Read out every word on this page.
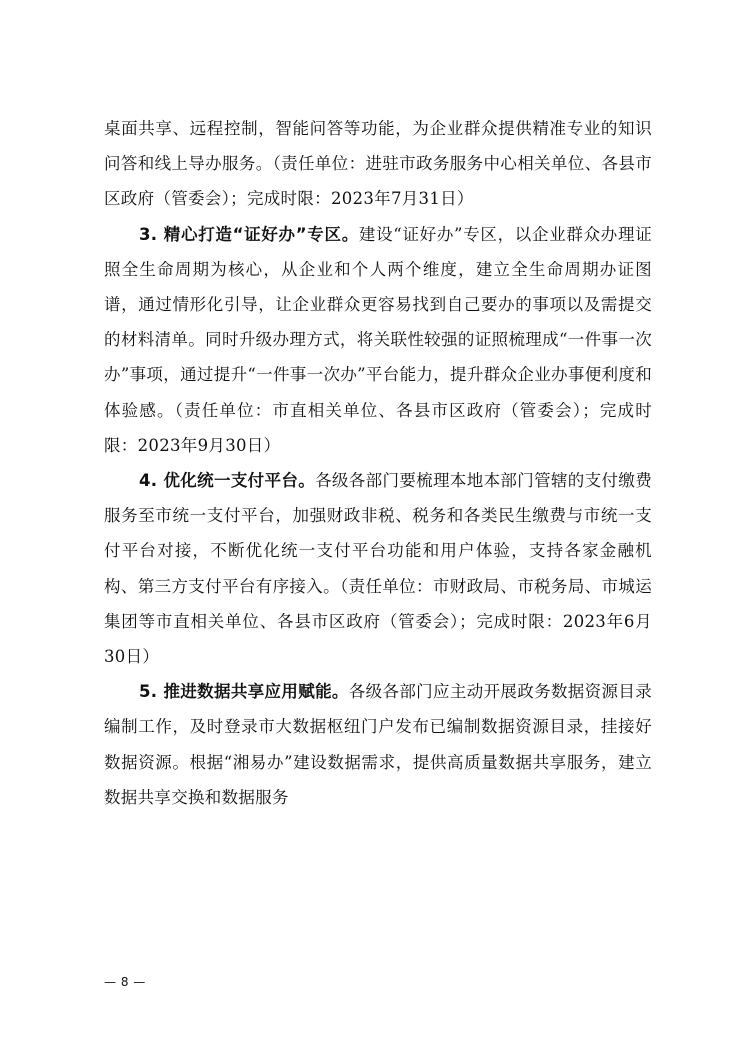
桌面共享、远程控制，智能问答等功能，为企业群众提供精准专业的知识问答和线上导办服务。（责任单位：进驻市政务服务中心相关单位、各县市区政府（管委会）；完成时限：2023年7月31日）

3. 精心打造“证好办”专区。建设“证好办”专区，以企业群众办理证照全生命周期为核心，从企业和个人两个维度，建立全生命周期办证图谱，通过情形化引导，让企业群众更容易找到自己要办的事项以及需提交的材料清单。同时升级办理方式，将关联性较强的证照梳理成“一件事一次办”事项，通过提升“一件事一次办”平台能力，提升群众企业办事便利度和体验感。（责任单位：市直相关单位、各县市区政府（管委会）；完成时限：2023年9月30日）

4. 优化统一支付平台。各级各部门要梳理本地本部门管辖的支付缴费服务至市统一支付平台，加强财政非税、税务和各类民生缴费与市统一支付平台对接，不断优化统一支付平台功能和用户体验，支持各家金融机构、第三方支付平台有序接入。（责任单位：市财政局、市税务局、市城运集团等市直相关单位、各县市区政府（管委会）；完成时限：2023年6月30日）

5. 推进数据共享应用赋能。各级各部门应主动开展政务数据资源目录编制工作，及时登录市大数据枢纽门户发布已编制数据资源目录，挂接好数据资源。根据“湘易办”建设数据需求，提供高质量数据共享服务，建立数据共享交换和数据服务

— 8 —
